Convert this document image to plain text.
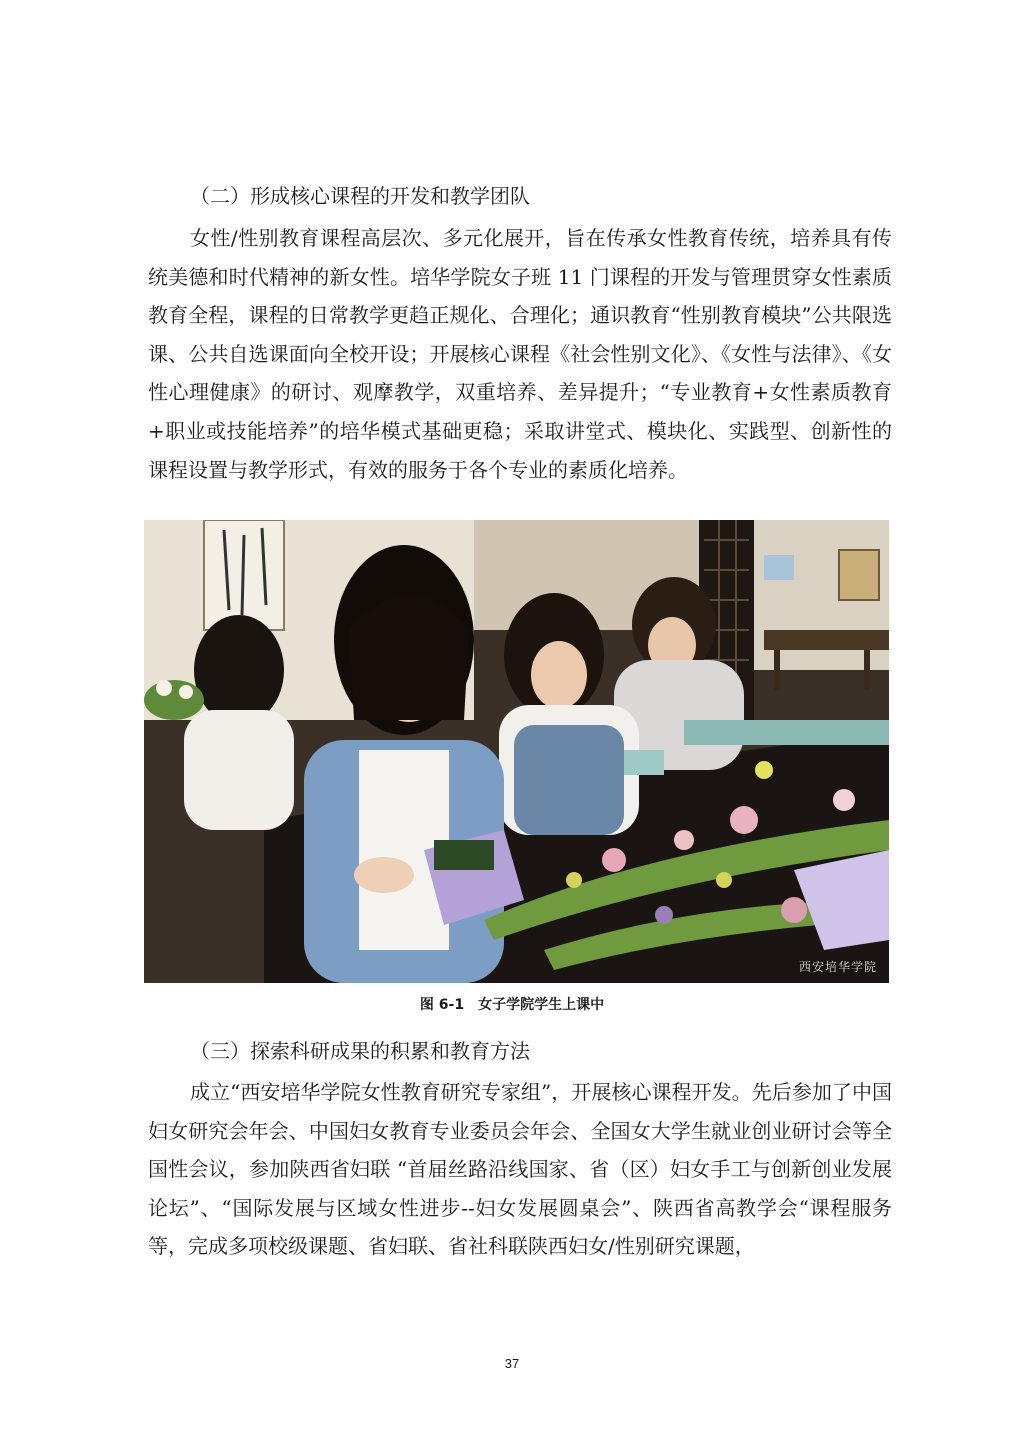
（二）形成核心课程的开发和教学团队

女性/性别教育课程高层次、多元化展开，旨在传承女性教育传统，培养具有传统美德和时代精神的新女性。培华学院女子班 11 门课程的开发与管理贯穿女性素质教育全程，课程的日常教学更趋正规化、合理化；通识教育“性别教育模块”公共限选课、公共自选课面向全校开设；开展核心课程《社会性别文化》、《女性与法律》、《女性心理健康》的研讨、观摩教学，双重培养、差异提升；“专业教育+女性素质教育+职业或技能培养”的培华模式基础更稳；采取讲堂式、模块化、实践型、创新性的课程设置与教学形式，有效的服务于各个专业的素质化培养。

西安培华学院
图 6-1 女子学院学生上课中
（三）探索科研成果的积累和教育方法

成立“西安培华学院女性教育研究专家组”，开展核心课程开发。先后参加了中国妇女研究会年会、中国妇女教育专业委员会年会、全国女大学生就业创业研讨会等全国性会议，参加陕西省妇联 “首届丝路沿线国家、省（区）妇女手工与创新创业发展论坛”、“国际发展与区域女性进步--妇女发展圆桌会”、陕西省高教学会“课程服务等，完成多项校级课题、省妇联、省社科联陕西妇女/性别研究课题，

37
